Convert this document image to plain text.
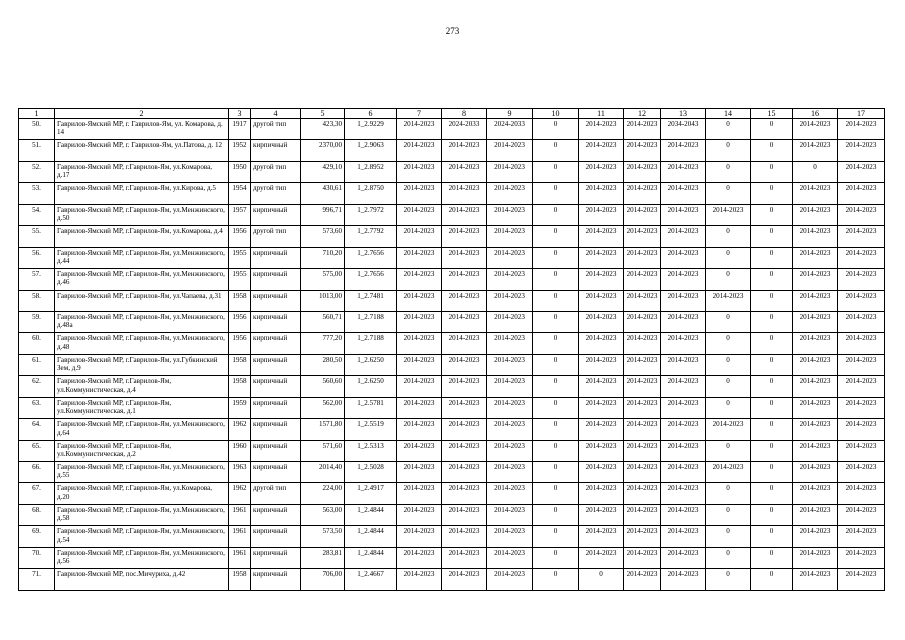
273
1	2	3	4	5	6	7	8	9	10	11	12	13	14	15	16	17
50.	Гаврилов-Ямский МР, г. Гаврилов-Ям, ул. Комарова, д. 14	1917	другой тип	423,30	1_2.9229	2014-2023	2024-2033	2024-2033	0	2014-2023	2014-2023	2034-2043	0	0	2014-2023	2014-2023
51.	Гаврилов-Ямский МР, г. Гаврилов-Ям, ул.Патова, д. 12	1952	кирпичный	2370,00	1_2.9063	2014-2023	2014-2023	2014-2023	0	2014-2023	2014-2023	2014-2023	0	0	2014-2023	2014-2023
52.	Гаврилов-Ямский МР, г.Гаврилов-Ям, ул.Комарова, д.17	1950	другой тип	429,10	1_2.8952	2014-2023	2014-2023	2014-2023	0	2014-2023	2014-2023	2014-2023	0	0	0	2014-2023
53.	Гаврилов-Ямский МР, г.Гаврилов-Ям, ул.Кирова, д.5	1954	другой тип	430,61	1_2.8750	2014-2023	2014-2023	2014-2023	0	2014-2023	2014-2023	2014-2023	0	0	2014-2023	2014-2023
54.	Гаврилов-Ямский МР, г.Гаврилов-Ям, ул.Менжинского, д.50	1957	кирпичный	996,71	1_2.7972	2014-2023	2014-2023	2014-2023	0	2014-2023	2014-2023	2014-2023	2014-2023	0	2014-2023	2014-2023
55.	Гаврилов-Ямский МР, г.Гаврилов-Ям, ул.Комарова, д.4	1956	другой тип	573,60	1_2.7792	2014-2023	2014-2023	2014-2023	0	2014-2023	2014-2023	2014-2023	0	0	2014-2023	2014-2023
56.	Гаврилов-Ямский МР, г.Гаврилов-Ям, ул.Менжинского, д.44	1955	кирпичный	710,20	1_2.7656	2014-2023	2014-2023	2014-2023	0	2014-2023	2014-2023	2014-2023	0	0	2014-2023	2014-2023
57.	Гаврилов-Ямский МР, г.Гаврилов-Ям, ул.Менжинского, д.46	1955	кирпичный	575,00	1_2.7656	2014-2023	2014-2023	2014-2023	0	2014-2023	2014-2023	2014-2023	0	0	2014-2023	2014-2023
58.	Гаврилов-Ямский МР, г.Гаврилов-Ям, ул.Чапаева, д.31	1958	кирпичный	1013,00	1_2.7481	2014-2023	2014-2023	2014-2023	0	2014-2023	2014-2023	2014-2023	2014-2023	0	2014-2023	2014-2023
59.	Гаврилов-Ямский МР, г.Гаврилов-Ям, ул.Менжинского, д.48а	1956	кирпичный	560,71	1_2.7188	2014-2023	2014-2023	2014-2023	0	2014-2023	2014-2023	2014-2023	0	0	2014-2023	2014-2023
60.	Гаврилов-Ямский МР, г.Гаврилов-Ям, ул.Менжинского, д.48	1956	кирпичный	777,20	1_2.7188	2014-2023	2014-2023	2014-2023	0	2014-2023	2014-2023	2014-2023	0	0	2014-2023	2014-2023
61.	Гаврилов-Ямский МР, г.Гаврилов-Ям, ул.Губкинский Зем, д.9	1958	кирпичный	280,50	1_2.6250	2014-2023	2014-2023	2014-2023	0	2014-2023	2014-2023	2014-2023	0	0	2014-2023	2014-2023
62.	Гаврилов-Ямский МР, г.Гаврилов-Ям, ул.Коммунистическая, д.4	1958	кирпичный	560,60	1_2.6250	2014-2023	2014-2023	2014-2023	0	2014-2023	2014-2023	2014-2023	0	0	2014-2023	2014-2023
63.	Гаврилов-Ямский МР, г.Гаврилов-Ям, ул.Коммунистическая, д.1	1959	кирпичный	562,00	1_2.5781	2014-2023	2014-2023	2014-2023	0	2014-2023	2014-2023	2014-2023	0	0	2014-2023	2014-2023
64.	Гаврилов-Ямский МР, г.Гаврилов-Ям, ул.Менжинского, д.64	1962	кирпичный	1571,80	1_2.5519	2014-2023	2014-2023	2014-2023	0	2014-2023	2014-2023	2014-2023	2014-2023	0	2014-2023	2014-2023
65.	Гаврилов-Ямский МР, г.Гаврилов-Ям, ул.Коммунистическая, д.2	1960	кирпичный	571,60	1_2.5313	2014-2023	2014-2023	2014-2023	0	2014-2023	2014-2023	2014-2023	0	0	2014-2023	2014-2023
66.	Гаврилов-Ямский МР, г.Гаврилов-Ям, ул.Менжинского, д.55	1963	кирпичный	2014,40	1_2.5028	2014-2023	2014-2023	2014-2023	0	2014-2023	2014-2023	2014-2023	2014-2023	0	2014-2023	2014-2023
67.	Гаврилов-Ямский МР, г.Гаврилов-Ям, ул.Комарова, д.20	1962	другой тип	224,00	1_2.4917	2014-2023	2014-2023	2014-2023	0	2014-2023	2014-2023	2014-2023	0	0	2014-2023	2014-2023
68.	Гаврилов-Ямский МР, г.Гаврилов-Ям, ул.Менжинского, д.58	1961	кирпичный	563,00	1_2.4844	2014-2023	2014-2023	2014-2023	0	2014-2023	2014-2023	2014-2023	0	0	2014-2023	2014-2023
69.	Гаврилов-Ямский МР, г.Гаврилов-Ям, ул.Менжинского, д.54	1961	кирпичный	573,50	1_2.4844	2014-2023	2014-2023	2014-2023	0	2014-2023	2014-2023	2014-2023	0	0	2014-2023	2014-2023
70.	Гаврилов-Ямский МР, г.Гаврилов-Ям, ул.Менжинского, д.56	1961	кирпичный	283,81	1_2.4844	2014-2023	2014-2023	2014-2023	0	2014-2023	2014-2023	2014-2023	0	0	2014-2023	2014-2023
71.	Гаврилов-Ямский МР, пос.Мичуриха, д.42	1958	кирпичный	706,00	1_2.4667	2014-2023	2014-2023	2014-2023	0	0	2014-2023	2014-2023	0	0	2014-2023	2014-2023
